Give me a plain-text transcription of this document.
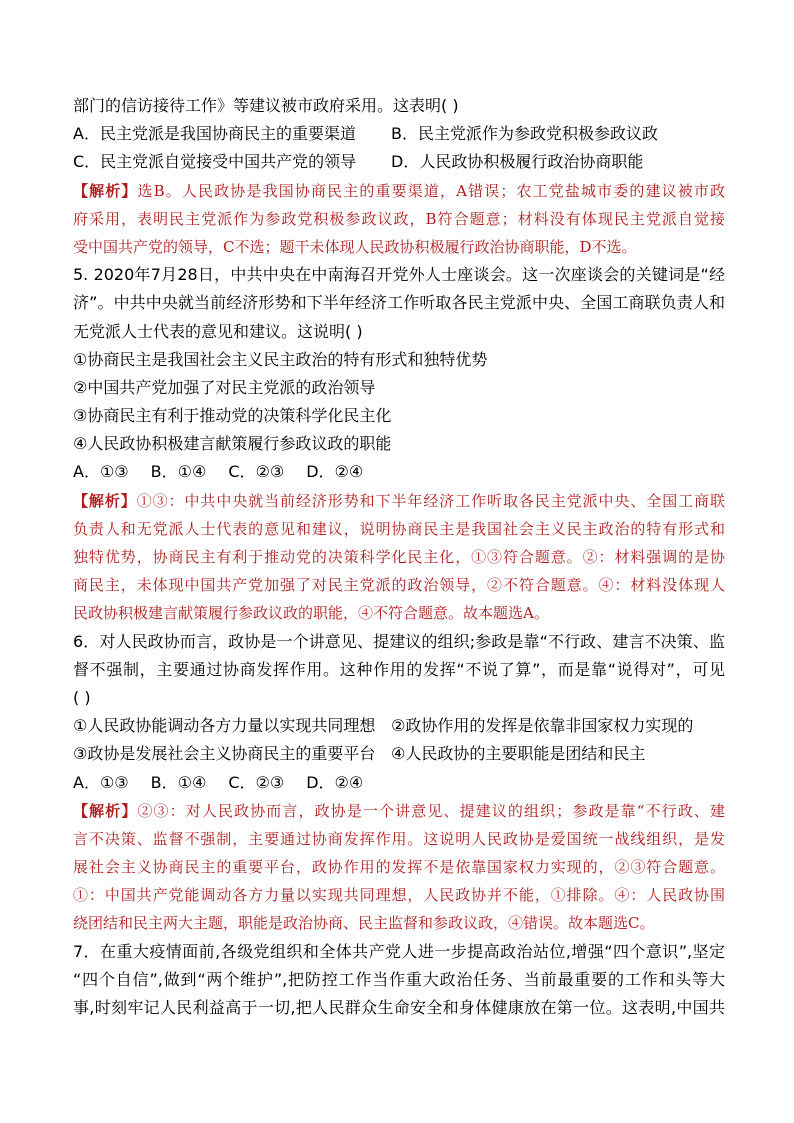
部门的信访接待工作》等建议被市政府采用。这表明( )
A．民主党派是我国协商民主的重要渠道	B．民主党派作为参政党积极参政议政
C．民主党派自觉接受中国共产党的领导	D．人民政协积极履行政治协商职能
【解析】选B。人民政协是我国协商民主的重要渠道，A错误；农工党盐城市委的建议被市政
府采用，表明民主党派作为参政党积极参政议政，B符合题意；材料没有体现民主党派自觉接
受中国共产党的领导，C不选；题干未体现人民政协积极履行政治协商职能，D不选。
5. 2020年7月28日，中共中央在中南海召开党外人士座谈会。这一次座谈会的关键词是“经
济”。中共中央就当前经济形势和下半年经济工作听取各民主党派中央、全国工商联负责人和
无党派人士代表的意见和建议。这说明( )
①协商民主是我国社会主义民主政治的特有形式和独特优势
②中国共产党加强了对民主党派的政治领导
③协商民主有利于推动党的决策科学化民主化
④人民政协积极建言献策履行参政议政的职能
A．①③ B．①④ C．②③ D．②④
【解析】①③：中共中央就当前经济形势和下半年经济工作听取各民主党派中央、全国工商联
负责人和无党派人士代表的意见和建议，说明协商民主是我国社会主义民主政治的特有形式和
独特优势，协商民主有利于推动党的决策科学化民主化，①③符合题意。②：材料强调的是协
商民主，未体现中国共产党加强了对民主党派的政治领导，②不符合题意。④：材料没体现人
民政协积极建言献策履行参政议政的职能，④不符合题意。故本题选A。
6．对人民政协而言，政协是一个讲意见、提建议的组织;参政是靠“不行政、建言不决策、监
督不强制，主要通过协商发挥作用。这种作用的发挥“不说了算”，而是靠“说得对”，可见
( )
①人民政协能调动各方力量以实现共同理想 ②政协作用的发挥是依靠非国家权力实现的
③政协是发展社会主义协商民主的重要平台 ④人民政协的主要职能是团结和民主
A．①③ B．①④ C．②③ D．②④
【解析】②③：对人民政协而言，政协是一个讲意见、提建议的组织；参政是靠“不行政、建
言不决策、监督不强制，主要通过协商发挥作用。这说明人民政协是爱国统一战线组织，是发
展社会主义协商民主的重要平台，政协作用的发挥不是依靠国家权力实现的，②③符合题意。
①：中国共产党能调动各方力量以实现共同理想，人民政协并不能，①排除。④：人民政协围
绕团结和民主两大主题，职能是政治协商、民主监督和参政议政，④错误。故本题选C。
7．在重大疫情面前,各级党组织和全体共产党人进一步提高政治站位,增强“四个意识”,坚定
“四个自信”,做到“两个维护”,把防控工作当作重大政治任务、当前最重要的工作和头等大
事,时刻牢记人民利益高于一切,把人民群众生命安全和身体健康放在第一位。这表明,中国共
